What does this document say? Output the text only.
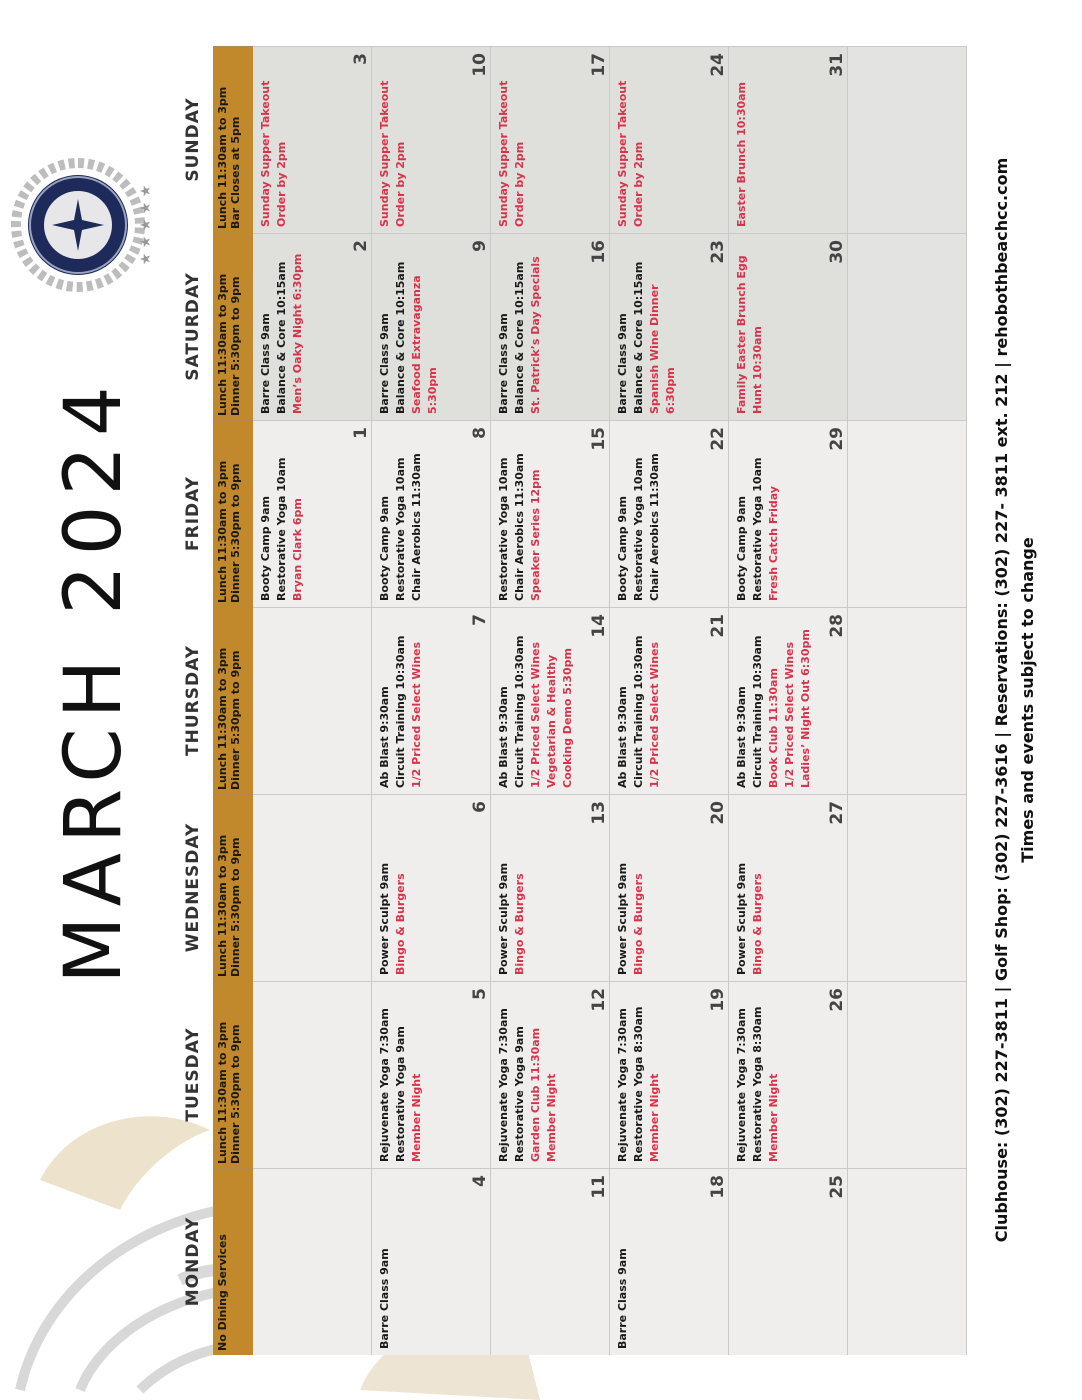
MARCH 2024
★ ★ ★ ★ ★
MONDAY
TUESDAY
WEDNESDAY
THURSDAY
FRIDAY
SATURDAY
SUNDAY
No Dining Services
Lunch 11:30am to 3pm
Dinner 5:30pm to 9pm
Lunch 11:30am to 3pm
Dinner 5:30pm to 9pm
Lunch 11:30am to 3pm
Dinner 5:30pm to 9pm
Lunch 11:30am to 3pm
Dinner 5:30pm to 9pm
Lunch 11:30am to 3pm
Dinner 5:30pm to 9pm
Lunch 11:30am to 3pm
Bar Closes at 5pm
Booty Camp 9am Restorative Yoga 10am Bryan Clark 6pm
1
Barre Class 9am Balance & Core 10:15am Men’s Oaky Night 6:30pm
2
Sunday Supper Takeout Order by 2pm
3
Barre Class 9am
4
Rejuvenate Yoga 7:30am Restorative Yoga 9am Member Night
5
Power Sculpt 9am Bingo & Burgers
6
Ab Blast 9:30am Circuit Training 10:30am 1/2 Priced Select Wines
7
Booty Camp 9am Restorative Yoga 10am Chair Aerobics 11:30am
8
Barre Class 9am Balance & Core 10:15am Seafood Extravaganza 5:30pm
9
Sunday Supper Takeout Order by 2pm
10
11
Rejuvenate Yoga 7:30am Restorative Yoga 9am Garden Club 11:30am Member Night
12
Power Sculpt 9am Bingo & Burgers
13
Ab Blast 9:30am Circuit Training 10:30am 1/2 Priced Select Wines Vegetarian & Healthy Cooking Demo 5:30pm
14
Restorative Yoga 10am Chair Aerobics 11:30am Speaker Series 12pm
15
Barre Class 9am Balance & Core 10:15am St. Patrick’s Day Specials
16
Sunday Supper Takeout Order by 2pm
17
Barre Class 9am
18
Rejuvenate Yoga 7:30am Restorative Yoga 8:30am Member Night
19
Power Sculpt 9am Bingo & Burgers
20
Ab Blast 9:30am Circuit Training 10:30am 1/2 Priced Select Wines
21
Booty Camp 9am Restorative Yoga 10am Chair Aerobics 11:30am
22
Barre Class 9am Balance & Core 10:15am Spanish Wine Dinner 6:30pm
23
Sunday Supper Takeout Order by 2pm
24
25
Rejuvenate Yoga 7:30am Restorative Yoga 8:30am Member Night
26
Power Sculpt 9am Bingo & Burgers
27
Ab Blast 9:30am Circuit Training 10:30am Book Club 11:30am 1/2 Priced Select Wines Ladies’ Night Out 6:30pm
28
Booty Camp 9am Restorative Yoga 10am Fresh Catch Friday
29
Family Easter Brunch Egg Hunt 10:30am
30
Easter Brunch 10:30am
31
Clubhouse: (302) 227-3811 | Golf Shop: (302) 227-3616 | Reservations: (302) 227- 3811 ext. 212 | rehobothbeachcc.com Times and events subject to change
